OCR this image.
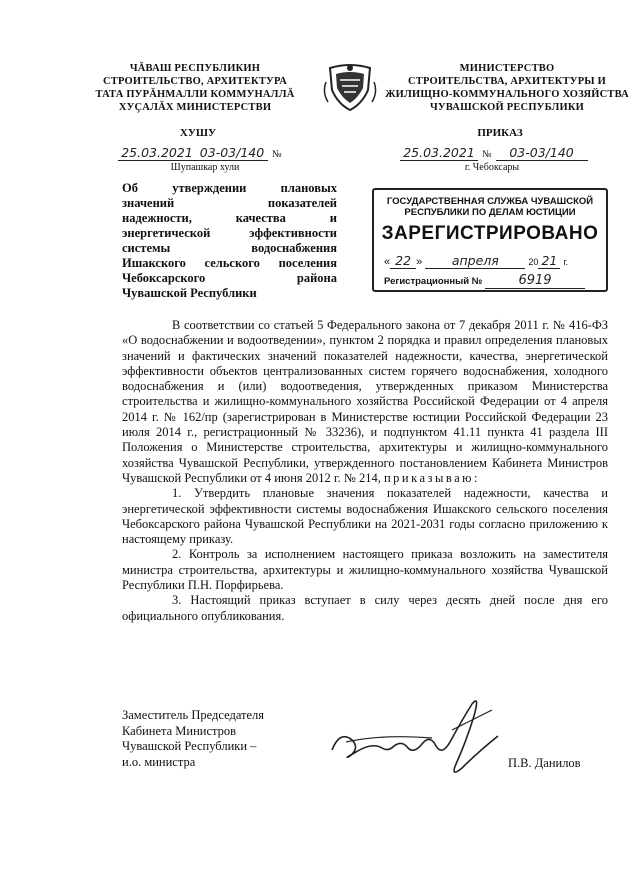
ЧĂВАШ РЕСПУБЛИКИН
СТРОИТЕЛЬСТВО, АРХИТЕКТУРА
ТАТА ПУРĂНМАЛЛИ КОММУНАЛЛĂ
ХУÇАЛĂХ МИНИСТЕРСТВИ
МИНИСТЕРСТВО
СТРОИТЕЛЬСТВА, АРХИТЕКТУРЫ И
ЖИЛИЩНО-КОММУНАЛЬНОГО ХОЗЯЙСТВА
ЧУВАШСКОЙ РЕСПУБЛИКИ
ХУШУ	ПРИКАЗ
25.03.2021 03-03/140 №
Шупашкар хули
25.03.2021 № 03-03/140
г. Чебоксары
Об утверждении плановых
значений показателей
надежности, качества и
энергетической эффективности
системы водоснабжения
Ишакского сельского поселения
Чебоксарского района
Чувашской Республики
ГОСУДАРСТВЕННАЯ СЛУЖБА ЧУВАШСКОЙ
РЕСПУБЛИКИ ПО ДЕЛАМ ЮСТИЦИИ
ЗАРЕГИСТРИРОВАНО
« 22 » апреля	20 21 г.
Регистрационный №	6919

В соответствии со статьей 5 Федерального закона от 7 декабря 2011 г. № 416-ФЗ «О водоснабжении и водоотведении», пунктом 2 порядка и правил определения плановых значений и фактических значений показателей надежности, качества, энергетической эффективности объектов централизованных систем горячего водоснабжения, холодного водоснабжения и (или) водоотведения, утвержденных приказом Министерства строительства и жилищно-коммунального хозяйства Российской Федерации от 4 апреля 2014 г. № 162/пр (зарегистрирован в Министерстве юстиции Российской Федерации 23 июля 2014 г., регистрационный № 33236), и подпунктом 41.11 пункта 41 раздела III Положения о Министерстве строительства, архитектуры и жилищно-коммунального хозяйства Чувашской Республики, утвержденного постановлением Кабинета Министров Чувашской Республики от 4 июня 2012 г. № 214, приказываю:

1. Утвердить плановые значения показателей надежности, качества и энергетической эффективности системы водоснабжения Ишакского сельского поселения Чебоксарского района Чувашской Республики на 2021-2031 годы согласно приложению к настоящему приказу.

2. Контроль за исполнением настоящего приказа возложить на заместителя министра строительства, архитектуры и жилищно-коммунального хозяйства Чувашской Республики П.Н. Порфирьева.

3. Настоящий приказ вступает в силу через десять дней после дня его официального опубликования.

Заместитель Председателя
Кабинета Министров
Чувашской Республики –
и.о. министра	П.В. Данилов
